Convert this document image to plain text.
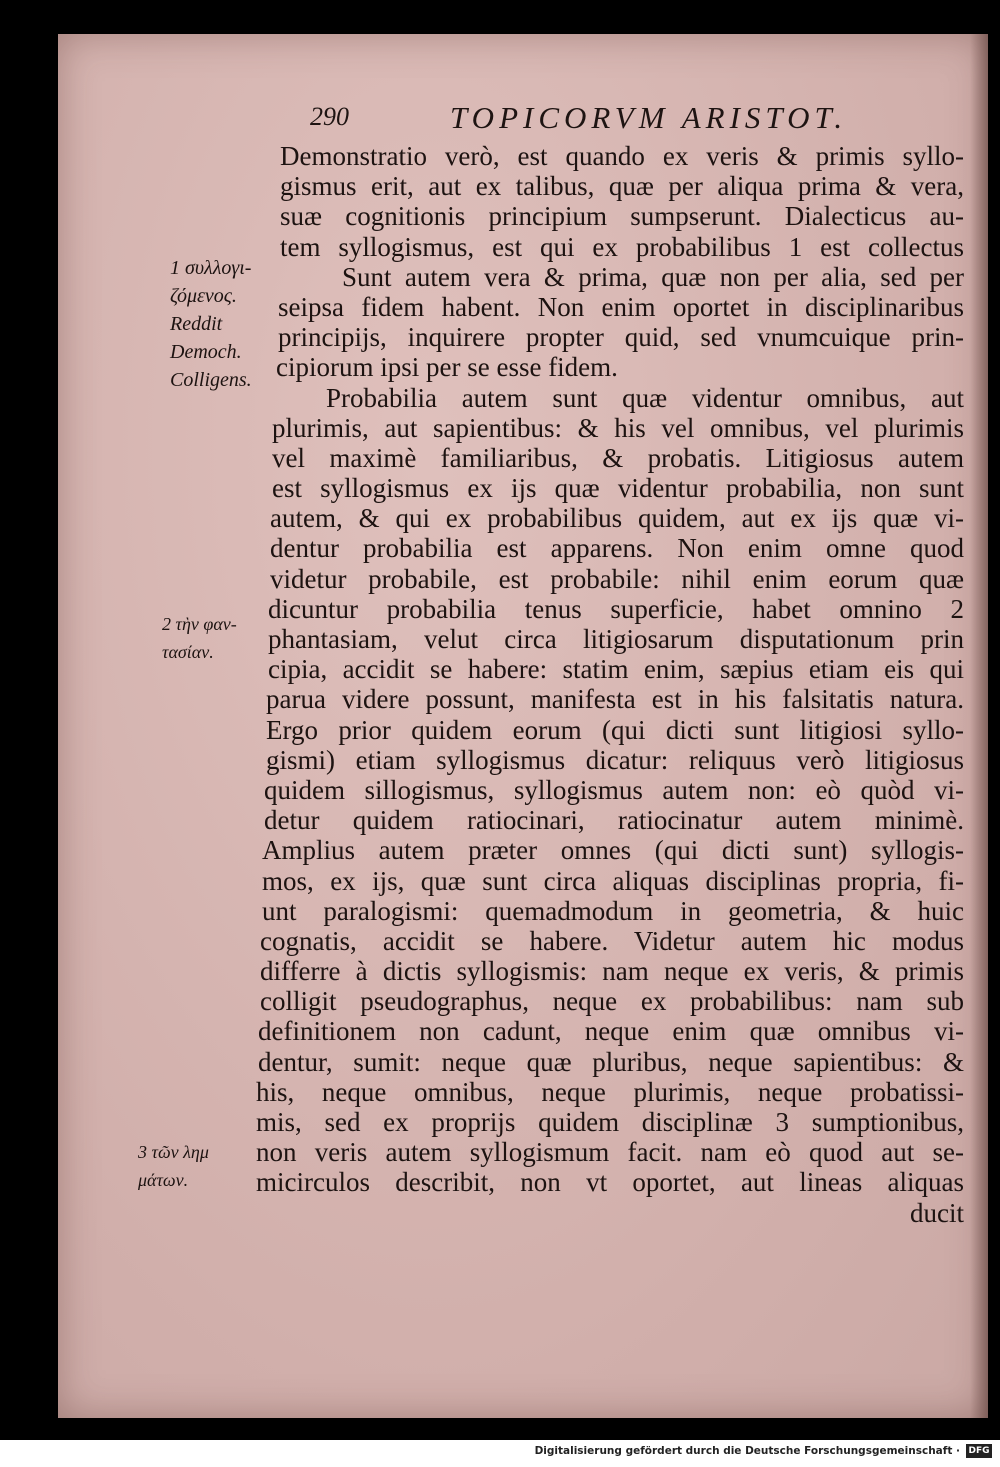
290	TOPICORVM ARISTOT.
1 συλλογι-
ζόμενος.
Reddit
Democh.
Colligens.
2 τὴν φαν-
τασίαν.
3 τῶν λημ
μάτων.
Demonstratio verò, est quando ex veris & primis syllo-
gismus erit, aut ex talibus, quæ per aliqua prima & vera,
suæ cognitionis principium sumpserunt. Dialecticus au-
tem syllogismus, est qui ex probabilibus 1 est collectus
Sunt autem vera & prima, quæ non per alia, sed per
seipsa fidem habent. Non enim oportet in disciplinaribus
principijs, inquirere propter quid, sed vnumcuique prin-
cipiorum ipsi per se esse fidem.
Probabilia autem sunt quæ videntur omnibus, aut
plurimis, aut sapientibus: & his vel omnibus, vel plurimis
vel maximè familiaribus, & probatis. Litigiosus autem
est syllogismus ex ijs quæ videntur probabilia, non sunt
autem, & qui ex probabilibus quidem, aut ex ijs quæ vi-
dentur probabilia est apparens. Non enim omne quod
videtur probabile, est probabile: nihil enim eorum quæ
dicuntur probabilia tenus superficie, habet omnino 2
phantasiam, velut circa litigiosarum disputationum prin
cipia, accidit se habere: statim enim, sæpius etiam eis qui
parua videre possunt, manifesta est in his falsitatis natura.
Ergo prior quidem eorum (qui dicti sunt litigiosi syllo-
gismi) etiam syllogismus dicatur: reliquus verò litigiosus
quidem sillogismus, syllogismus autem non: eò quòd vi-
detur quidem ratiocinari, ratiocinatur autem minimè.
Amplius autem præter omnes (qui dicti sunt) syllogis-
mos, ex ijs, quæ sunt circa aliquas disciplinas propria, fi-
unt paralogismi: quemadmodum in geometria, & huic
cognatis, accidit se habere. Videtur autem hic modus
differre à dictis syllogismis: nam neque ex veris, & primis
colligit pseudographus, neque ex probabilibus: nam sub
definitionem non cadunt, neque enim quæ omnibus vi-
dentur, sumit: neque quæ pluribus, neque sapientibus: &
his, neque omnibus, neque plurimis, neque probatissi-
mis, sed ex proprijs quidem disciplinæ 3 sumptionibus,
non veris autem syllogismum facit. nam eò quod aut se-
micirculos describit, non vt oportet, aut lineas aliquas
ducit
Digitalisierung gefördert durch die Deutsche Forschungsgemeinschaft · DFG
